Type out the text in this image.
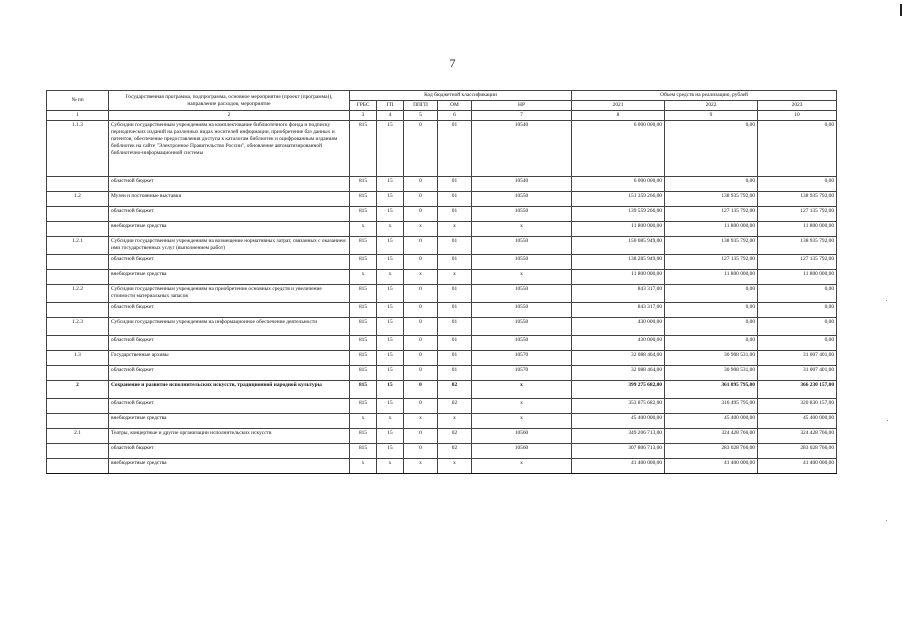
7
№ пп	Государственная программа, подпрограмма, основное мероприятие (проект (программа)), направление расходов, мероприятие	Код бюджетной классификации					Объем средств на реализацию, рублей		
		ГРБС	ГП	ППГП	ОМ	НР	2021	2022	2023
1	2	3	4	5	6	7	8	9	10
1.1.3	Субсидии государственным учреждениям на комплектование библиотечного фонда и подписку периодических изданий на различных видах носителей информации, приобретение баз данных и патентов, обеспечение предоставления доступа к каталогам библиотек и оцифрованным изданиям библиотек на сайте "Электронное Правительство России", обновление автоматизированной библиотечно-информационной системы	815	15	0	01	10540	6 000 000,00	0,00	0,00
	областной бюджет	815	15	0	01	10540	6 000 000,00	0,00	0,00
1.2	Музеи и постоянные выставки	815	15	0	01	10550	151 359 266,00	138 935 792,00	138 935 792,00
	областной бюджет	815	15	0	01	10550	139 559 266,00	127 135 792,00	127 135 792,00
	внебюджетные средства	х	х	х	х	х	11 800 000,00	11 800 000,00	11 800 000,00
1.2.1	Субсидии государственным учреждениям на возмещение нормативных затрат, связанных с оказанием ими государственных услуг (выполнением работ)	815	15	0	01	10550	150 085 949,00	138 935 792,00	138 935 792,00
	областной бюджет	815	15	0	01	10550	138 285 949,00	127 135 792,00	127 135 792,00
	внебюджетные средства	х	х	х	х	х	11 800 000,00	11 800 000,00	11 800 000,00
1.2.2	Субсидии государственным учреждениям на приобретение основных средств и увеличение стоимости материальных запасов	815	15	0	01	10550	843 317,00	0,00	0,00
	областной бюджет	815	15	0	01	10550	843 317,00	0,00	0,00
1.2.3	Субсидии государственным учреждениям на информационное обеспечение деятельности	815	15	0	01	10550	430 000,00	0,00	0,00
	областной бюджет	815	15	0	01	10550	430 000,00	0,00	0,00
1.3	Государственные архивы	815	15	0	01	10570	32 088 464,00	30 908 531,00	31 007 401,00
	областной бюджет	815	15	0	01	10570	32 088 464,00	30 908 531,00	31 007 401,00
2	Сохранение и развитие исполнительских искусств, традиционной народной культуры	815	15	0	02	х	399 275 682,00	361 895 795,00	366 230 157,00
	областной бюджет	815	15	0	02	х	353 875 682,00	316 495 795,00	320 830 157,00
	внебюджетные средства	х	х	х	х	х	45 400 000,00	45 400 000,00	45 400 000,00
2.1	Театры, концертные и другие организации исполнительских искусств	815	15	0	02	10560	349 206 713,00	324 428 766,00	324 428 766,00
	областной бюджет	815	15	0	02	10560	307 806 713,00	283 028 766,00	283 028 766,00
	внебюджетные средства	х	х	х	х	х	41 400 000,00	41 400 000,00	41 400 000,00
